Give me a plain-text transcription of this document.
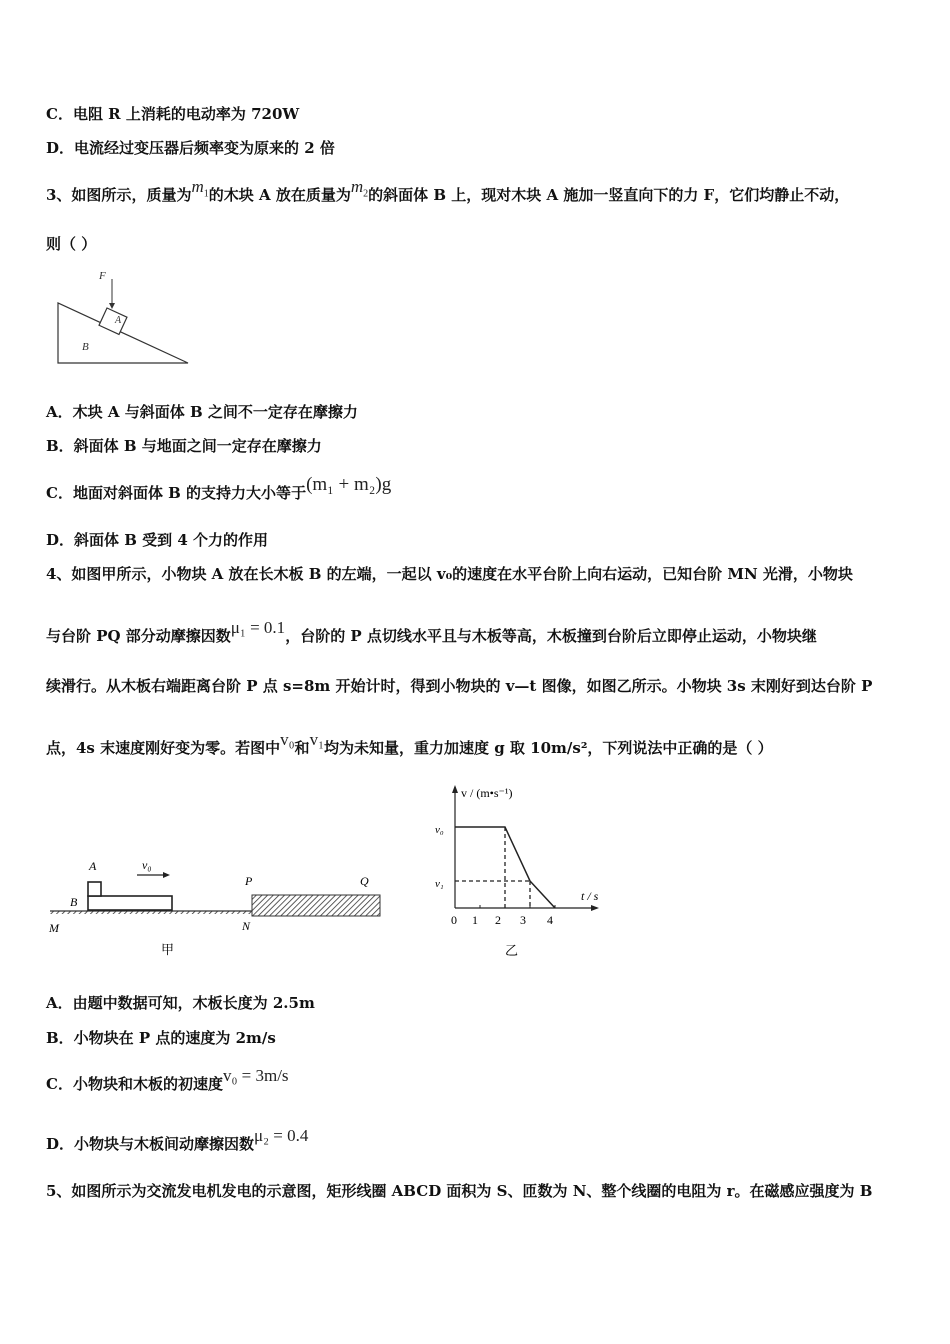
C．电阻 R 上消耗的电动率为 720W
D．电流经过变压器后频率变为原来的 2 倍
3、如图所示，质量为$m_1$的木块 A 放在质量为$m_2$的斜面体 B 上，现对木块 A 施加一竖直向下的力 F，它们均静止不动，
则（ ）
F
A
B
A．木块 A 与斜面体 B 之间不一定存在摩擦力
B．斜面体 B 与地面之间一定存在摩擦力
C．地面对斜面体 B 的支持力大小等于(m₁ + m₂)g
D．斜面体 B 受到 4 个力的作用
4、如图甲所示，小物块 A 放在长木板 B 的左端，一起以 v₀的速度在水平台阶上向右运动，已知台阶 MN 光滑，小物块
与台阶 PQ 部分动摩擦因数μ₁ = 0.1，台阶的 P 点切线水平且与木板等高，木板撞到台阶后立即停止运动，小物块继
续滑行。从木板右端距离台阶 P 点 s=8m 开始计时，得到小物块的 v—t 图像，如图乙所示。小物块 3s 末刚好到达台阶 P
点，4s 末速度刚好变为零。若图中v₀和v₁均为未知量，重力加速度 g 取 10m/s²，下列说法中正确的是（ ）
v₀
A
B
P	Q
M	N
甲
v / (m•s⁻¹)
t / s
v₀
v₁
0 1 2 3 4
乙
A．由题中数据可知，木板长度为 2.5m
B．小物块在 P 点的速度为 2m/s
C．小物块和木板的初速度v₀ = 3m/s
D．小物块与木板间动摩擦因数μ₂ = 0.4
5、如图所示为交流发电机发电的示意图，矩形线圈 ABCD 面积为 S、匝数为 N、整个线圈的电阻为 r。在磁感应强度为 B
